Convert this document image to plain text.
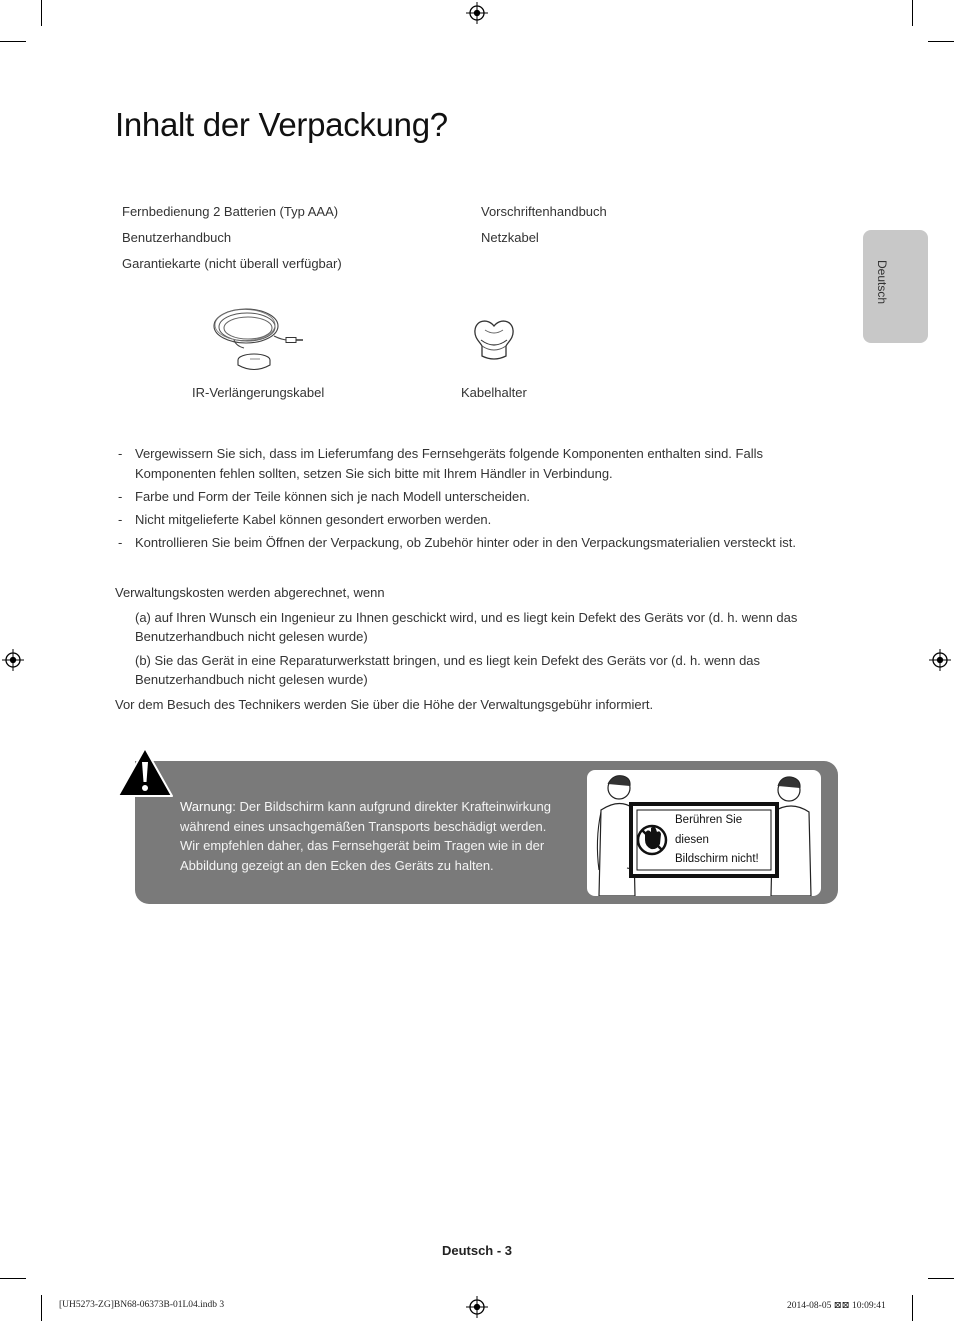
Inhalt der Verpackung?
Deutsch
Fernbedienung 2 Batterien (Typ AAA)
Benutzerhandbuch
Garantiekarte (nicht überall verfügbar)
Vorschriftenhandbuch
Netzkabel
IR-Verlängerungskabel	Kabelhalter
- Vergewissern Sie sich, dass im Lieferumfang des Fernsehgeräts folgende Komponenten enthalten sind. Falls Komponenten fehlen sollten, setzen Sie sich bitte mit Ihrem Händler in Verbindung.
- Farbe und Form der Teile können sich je nach Modell unterscheiden.
- Nicht mitgelieferte Kabel können gesondert erworben werden.
- Kontrollieren Sie beim Öffnen der Verpackung, ob Zubehör hinter oder in den Verpackungsmaterialien versteckt ist.
Verwaltungskosten werden abgerechnet, wenn
(a) auf Ihren Wunsch ein Ingenieur zu Ihnen geschickt wird, und es liegt kein Defekt des Geräts vor (d. h. wenn das Benutzerhandbuch nicht gelesen wurde)
(b) Sie das Gerät in eine Reparaturwerkstatt bringen, und es liegt kein Defekt des Geräts vor (d. h. wenn das Benutzerhandbuch nicht gelesen wurde)
Vor dem Besuch des Technikers werden Sie über die Höhe der Verwaltungsgebühr informiert.
Warnung: Der Bildschirm kann aufgrund direkter Krafteinwirkung während eines unsachgemäßen Transports beschädigt werden. Wir empfehlen daher, das Fernsehgerät beim Tragen wie in der Abbildung gezeigt an den Ecken des Geräts zu halten.
Berühren Sie
diesen
Bildschirm nicht!
Deutsch - 3
[UH5273-ZG]BN68-06373B-01L04.indb 3	2014-08-05 ⊠⊠ 10:09:41
